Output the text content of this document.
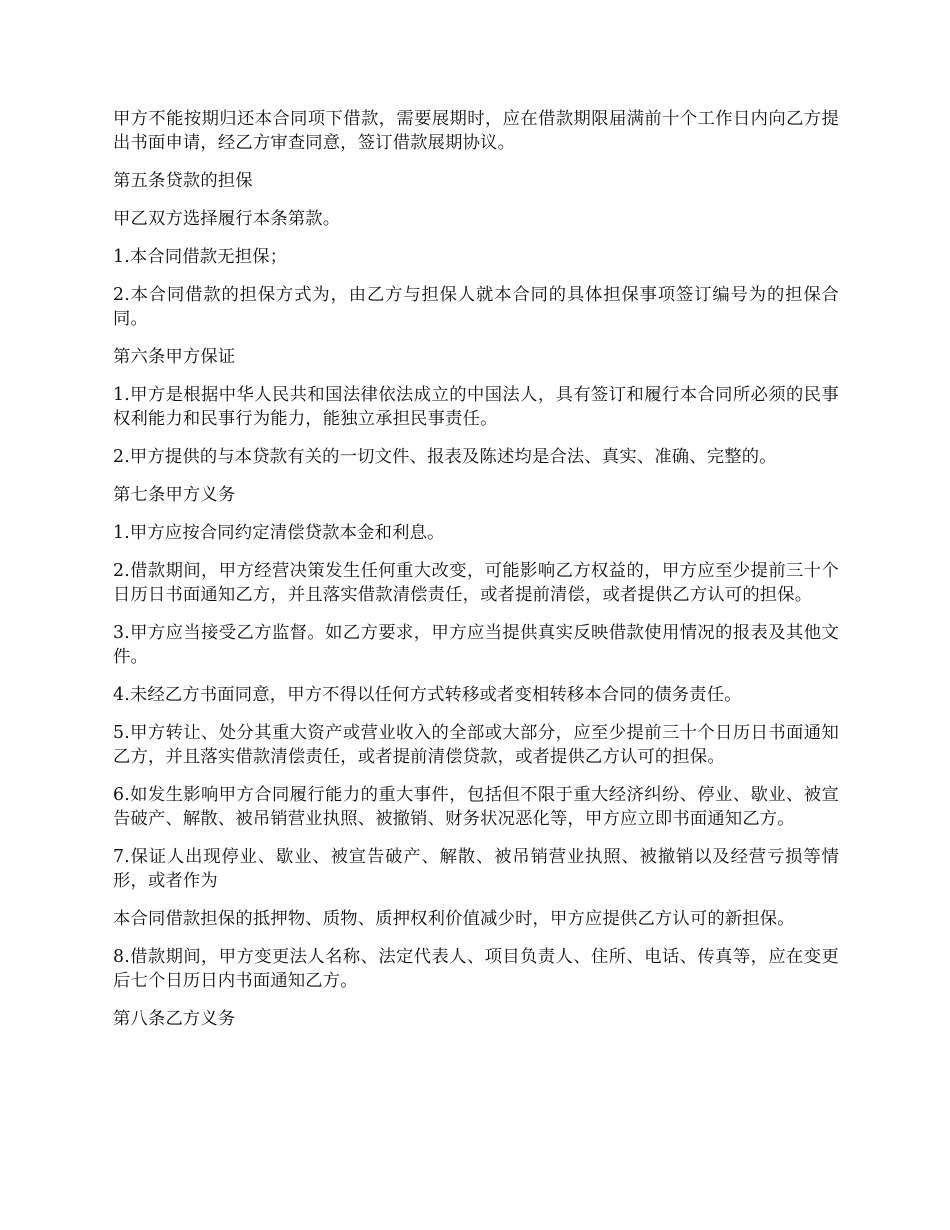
甲方不能按期归还本合同项下借款，需要展期时，应在借款期限届满前十个工作日内向乙方提出书面申请，经乙方审查同意，签订借款展期协议。

第五条贷款的担保

甲乙双方选择履行本条第款。

1.本合同借款无担保；

2.本合同借款的担保方式为，由乙方与担保人就本合同的具体担保事项签订编号为的担保合同。

第六条甲方保证

1.甲方是根据中华人民共和国法律依法成立的中国法人，具有签订和履行本合同所必须的民事权利能力和民事行为能力，能独立承担民事责任。

2.甲方提供的与本贷款有关的一切文件、报表及陈述均是合法、真实、准确、完整的。

第七条甲方义务

1.甲方应按合同约定清偿贷款本金和利息。

2.借款期间，甲方经营决策发生任何重大改变，可能影响乙方权益的，甲方应至少提前三十个日历日书面通知乙方，并且落实借款清偿责任，或者提前清偿，或者提供乙方认可的担保。

3.甲方应当接受乙方监督。如乙方要求，甲方应当提供真实反映借款使用情况的报表及其他文件。

4.未经乙方书面同意，甲方不得以任何方式转移或者变相转移本合同的债务责任。

5.甲方转让、处分其重大资产或营业收入的全部或大部分，应至少提前三十个日历日书面通知乙方，并且落实借款清偿责任，或者提前清偿贷款，或者提供乙方认可的担保。

6.如发生影响甲方合同履行能力的重大事件，包括但不限于重大经济纠纷、停业、歇业、被宣告破产、解散、被吊销营业执照、被撤销、财务状况恶化等，甲方应立即书面通知乙方。

7.保证人出现停业、歇业、被宣告破产、解散、被吊销营业执照、被撤销以及经营亏损等情形，或者作为

本合同借款担保的抵押物、质物、质押权利价值减少时，甲方应提供乙方认可的新担保。

8.借款期间，甲方变更法人名称、法定代表人、项目负责人、住所、电话、传真等，应在变更后七个日历日内书面通知乙方。

第八条乙方义务
